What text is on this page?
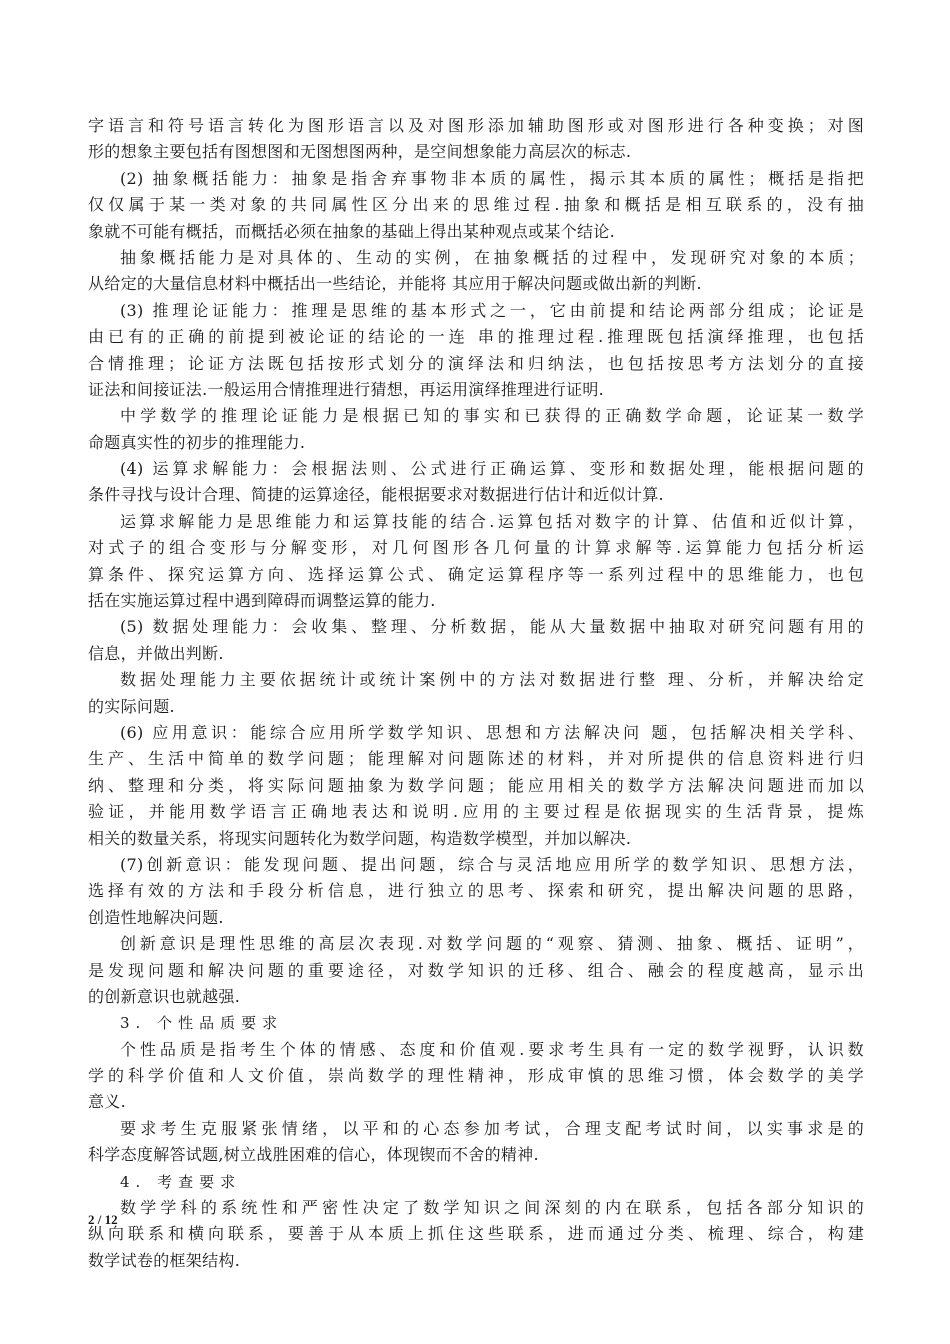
字语言和符号语言转化为图形语言以及对图形添加辅助图形或对图形进行各种变换；对图
形的想象主要包括有图想图和无图想图两种，是空间想象能力高层次的标志.
(2) 抽象概括能力：抽象是指舍弃事物非本质的属性，揭示其本质的属性；概括是指把
仅仅属于某一类对象的共同属性区分出来的思维过程.抽象和概括是相互联系的，没有抽
象就不可能有概括，而概括必须在抽象的基础上得出某种观点或某个结论.
抽象概括能力是对具体的、生动的实例，在抽象概括的过程中，发现研究对象的本质；
从给定的大量信息材料中概括出一些结论，并能将 其应用于解决问题或做出新的判断.
(3) 推理论证能力：推理是思维的基本形式之一，它由前提和结论两部分组成；论证是
由已有的正确的前提到被论证的结论的一连 串的推理过程.推理既包括演绎推理，也包括
合情推理；论证方法既包括按形式划分的演绎法和归纳法，也包括按思考方法划分的直接
证法和间接证法.一般运用合情推理进行猜想，再运用演绎推理进行证明.
中学数学的推理论证能力是根据已知的事实和已获得的正确数学命题，论证某一数学
命题真实性的初步的推理能力.
(4) 运算求解能力：会根据法则、公式进行正确运算、变形和数据处理，能根据问题的
条件寻找与设计合理、简捷的运算途径，能根据要求对数据进行估计和近似计算.
运算求解能力是思维能力和运算技能的结合.运算包括对数字的计算、估值和近似计算，
对式子的组合变形与分解变形，对几何图形各几何量的计算求解等.运算能力包括分析运
算条件、探究运算方向、选择运算公式、确定运算程序等一系列过程中的思维能力，也包
括在实施运算过程中遇到障碍而调整运算的能力.
(5) 数据处理能力：会收集、整理、分析数据，能从大量数据中抽取对研究问题有用的
信息，并做出判断.
数据处理能力主要依据统计或统计案例中的方法对数据进行整 理、分析，并解决给定
的实际问题.
(6) 应用意识：能综合应用所学数学知识、思想和方法解决问 题，包括解决相关学科、
生产、生活中简单的数学问题；能理解对问题陈述的材料，并对所提供的信息资料进行归
纳、整理和分类，将实际问题抽象为数学问题；能应用相关的数学方法解决问题进而加以
验证，并能用数学语言正确地表达和说明.应用的主要过程是依据现实的生活背景，提炼
相关的数量关系，将现实问题转化为数学问题，构造数学模型，并加以解决.
(7)创新意识：能发现问题、提出问题，综合与灵活地应用所学的数学知识、思想方法，
选择有效的方法和手段分析信息，进行独立的思考、探索和研究，提出解决问题的思路，
创造性地解决问题.
创新意识是理性思维的高层次表现.对数学问题的“观察、猜测、抽象、概括、证明”，
是发现问题和解决问题的重要途径，对数学知识的迁移、组合、融会的程度越高，显示出
的创新意识也就越强.
3. 个性品质要求
个性品质是指考生个体的情感、态度和价值观.要求考生具有一定的数学视野，认识数
学的科学价值和人文价值，崇尚数学的理性精神，形成审慎的思维习惯，体会数学的美学
意义.
要求考生克服紧张情绪，以平和的心态参加考试，合理支配考试时间，以实事求是的
科学态度解答试题,树立战胜困难的信心，体现锲而不舍的精神.
4. 考查要求
数学学科的系统性和严密性决定了数学知识之间深刻的内在联系，包括各部分知识的
纵向联系和横向联系，要善于从本质上抓住这些联系，进而通过分类、梳理、综合，构建
数学试卷的框架结构.
2 / 12
